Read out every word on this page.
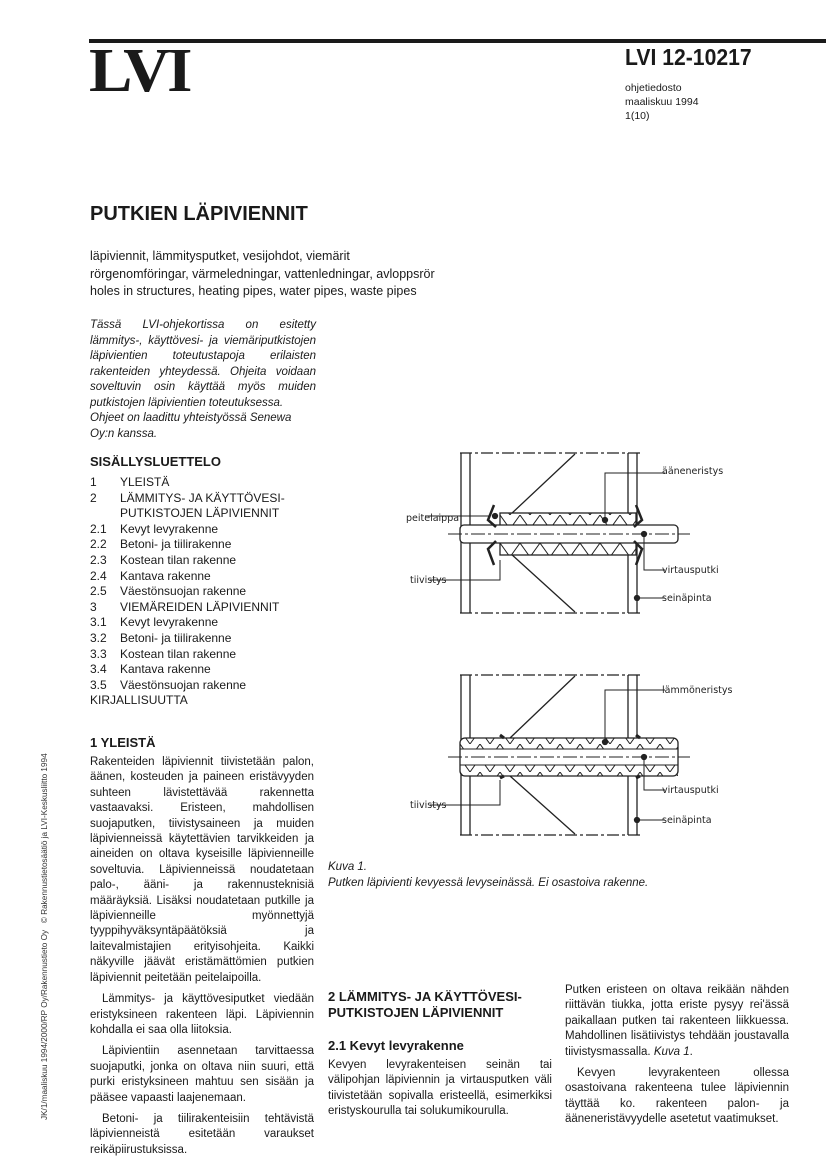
LVI	LVI 12-10217
ohjetiedosto
maaliskuu 1994
1(10)
PUTKIEN LÄPIVIENNIT
läpiviennit, lämmitysputket, vesijohdot, viemärit
rörgenomföringar, värmeledningar, vattenledningar, avloppsrör
holes in structures, heating pipes, water pipes, waste pipes

Tässä LVI-ohjekortissa on esitetty lämmitys-, käyttövesi- ja viemäriputkistojen läpivientien toteutustapoja erilaisten rakenteiden yhteydessä. Ohjeita voidaan soveltuvin osin käyttää myös muiden putkistojen läpivientien toteutuksessa.

Ohjeet on laadittu yhteistyössä Senewa Oy:n kanssa.

SISÄLLYSLUETTELO
1	YLEISTÄ
2	LÄMMITYS- JA KÄYTTÖVESI-PUTKISTOJEN LÄPIVIENNIT
2.1	Kevyt levyrakenne
2.2	Betoni- ja tiilirakenne
2.3	Kostean tilan rakenne
2.4	Kantava rakenne
2.5	Väestönsuojan rakenne
3	VIEMÄREIDEN LÄPIVIENNIT
3.1	Kevyt levyrakenne
3.2	Betoni- ja tiilirakenne
3.3	Kostean tilan rakenne
3.4	Kantava rakenne
3.5	Väestönsuojan rakenne
KIRJALLISUUTTA
1 YLEISTÄ

Rakenteiden läpiviennit tiivistetään palon, äänen, kosteuden ja paineen eristävyyden suhteen lävistettävää rakennetta vastaavaksi. Eristeen, mahdollisen suojaputken, tiivistysaineen ja muiden läpivienneissä käytettävien tarvikkeiden ja aineiden on oltava kyseisille läpivienneille soveltuvia. Läpivienneissä noudatetaan palo-, ääni- ja rakennusteknisiä määräyksiä. Lisäksi noudatetaan putkille ja läpivienneille myönnettyjä tyyppihyväksyntäpäätöksiä ja laitevalmistajien erityisohjeita. Kaikki näkyville jäävät eristämättömien putkien läpiviennit peitetään peitelaipoilla.

Lämmitys- ja käyttövesiputket viedään eristyksineen rakenteen läpi. Läpiviennin kohdalla ei saa olla liitoksia.

Läpivientiin asennetaan tarvittaessa suojaputki, jonka on oltava niin suuri, että purki eristyksineen mahtuu sen sisään ja pääsee vapaasti laajenemaan.

Betoni- ja tiilirakenteisiin tehtävistä läpivienneistä esitetään varaukset reikäpiirustuksissa.

ääneneristys
peitelaippa
tiivistys
virtausputki
seinäpinta
lämmöneristys
tiivistys
virtausputki
seinäpinta
Kuva 1.
Putken läpivienti kevyessä levyseinässä. Ei osastoiva rakenne.
2 LÄMMITYS- JA KÄYTTÖVESI-PUTKISTOJEN LÄPIVIENNIT
2.1 Kevyt levyrakenne

Kevyen levyrakenteisen seinän tai välipohjan läpiviennin ja virtausputken väli tiivistetään sopivalla eristeellä, esimerkiksi eristyskourulla tai solukumikourulla.

Putken eristeen on oltava reikään nähden riittävän tiukka, jotta eriste pysyy rei'ässä paikallaan putken tai rakenteen liikkuessa. Mahdollinen lisätiivistys tehdään joustavalla tiivistysmassalla. Kuva 1.

Kevyen levyrakenteen ollessa osastoivana rakenteena tulee läpiviennin täyttää ko. rakenteen palon- ja ääneneristävyydelle asetetut vaatimukset.

JK/1/maaliskuu 1994/2000/RP Oy/Rakennustieto Oy   © Rakennustietosäätiö ja LVI-Keskusliitto 1994
